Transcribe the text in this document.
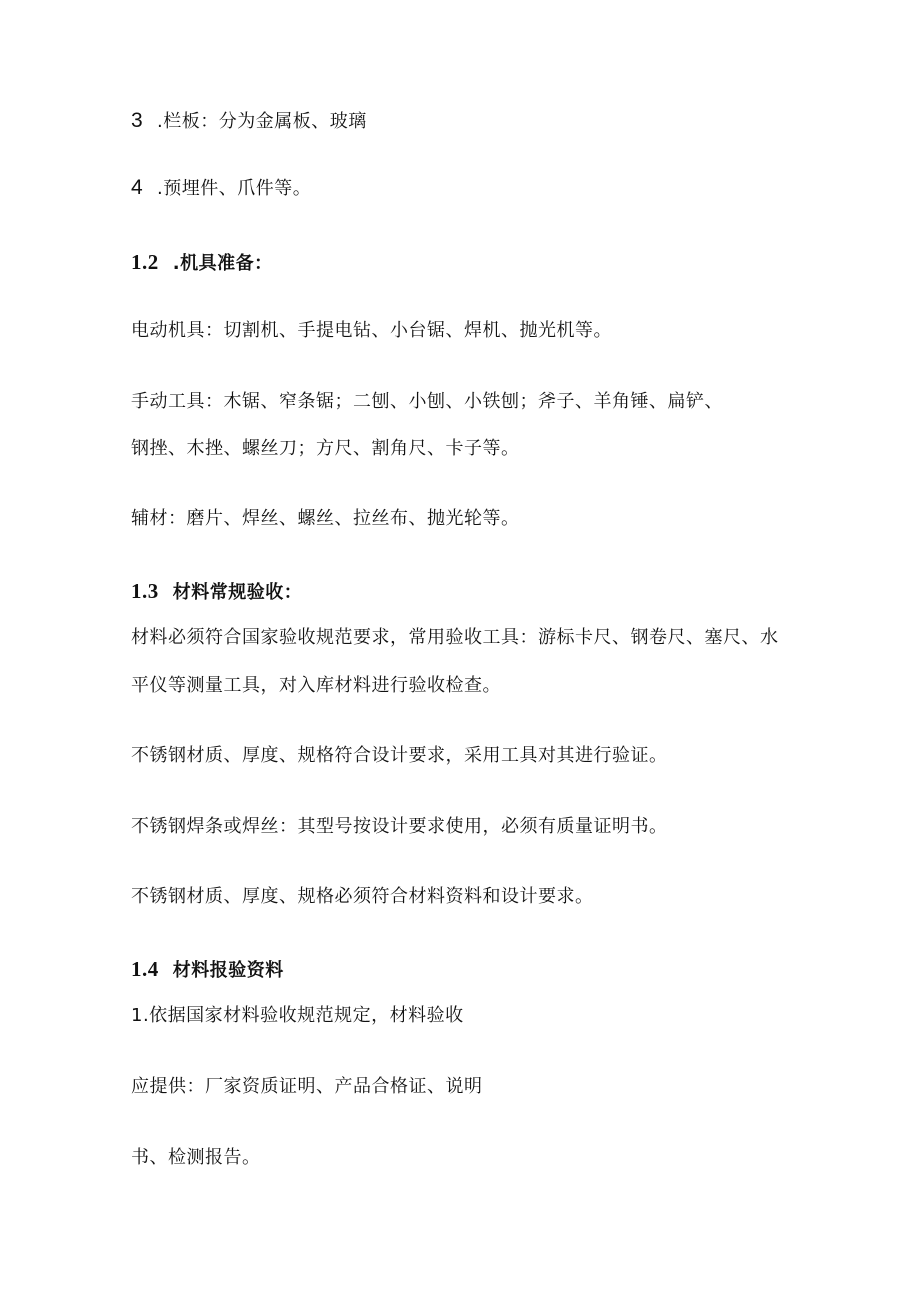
3 .栏板：分为金属板、玻璃
4 .预埋件、爪件等。
1.2 .机具准备：
电动机具：切割机、手提电钻、小台锯、焊机、抛光机等。
手动工具：木锯、窄条锯；二刨、小刨、小铁刨；斧子、羊角锤、扁铲、
钢挫、木挫、螺丝刀；方尺、割角尺、卡子等。
辅材：磨片、焊丝、螺丝、拉丝布、抛光轮等。
1.3 材料常规验收：
材料必须符合国家验收规范要求，常用验收工具：游标卡尺、钢卷尺、塞尺、水
平仪等测量工具，对入库材料进行验收检查。
不锈钢材质、厚度、规格符合设计要求，采用工具对其进行验证。
不锈钢焊条或焊丝：其型号按设计要求使用，必须有质量证明书。
不锈钢材质、厚度、规格必须符合材料资料和设计要求。
1.4 材料报验资料
1.依据国家材料验收规范规定，材料验收
应提供：厂家资质证明、产品合格证、说明
书、检测报告。
